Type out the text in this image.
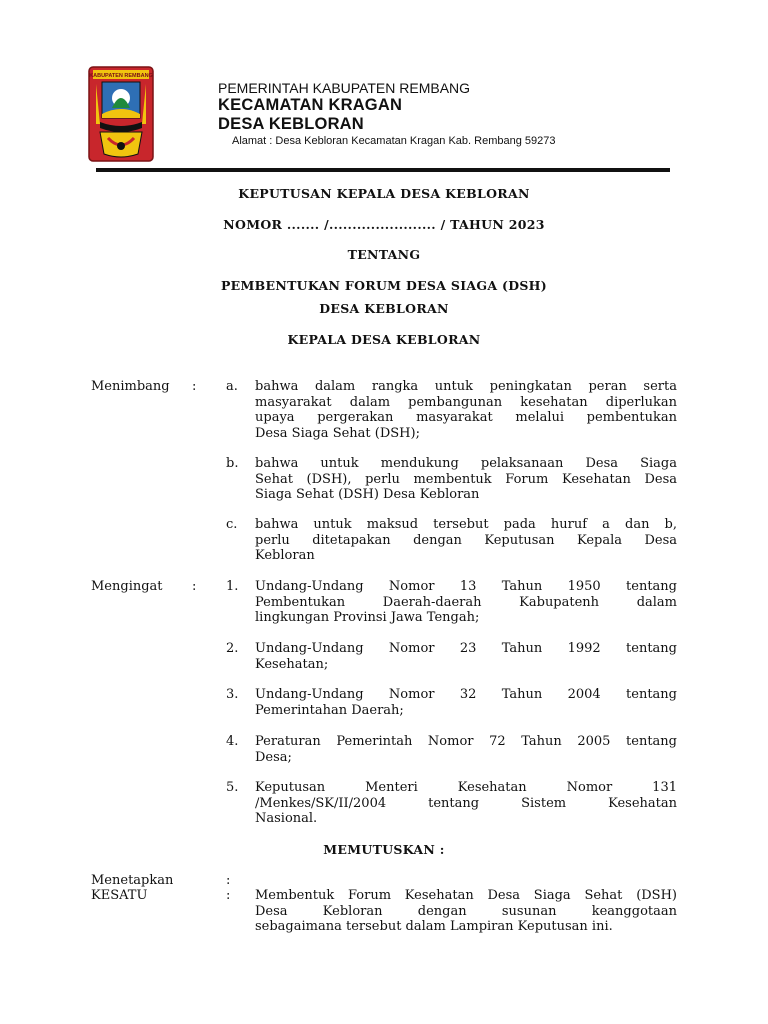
KABUPATEN REMBANG
PEMERINTAH KABUPATEN REMBANG
KECAMATAN KRAGAN
DESA KEBLORAN
Alamat : Desa Kebloran Kecamatan Kragan Kab. Rembang 59273
KEPUTUSAN KEPALA DESA KEBLORAN
NOMOR ....... /....................... / TAHUN 2023
TENTANG
PEMBENTUKAN FORUM DESA SIAGA (DSH)
DESA KEBLORAN
KEPALA DESA KEBLORAN
Menimbang : a. bahwa dalam rangka untuk peningkatan peran serta
masyarakat dalam pembangunan kesehatan diperlukan
upaya pergerakan masyarakat melalui pembentukan
Desa Siaga Sehat (DSH);
b. bahwa untuk mendukung pelaksanaan Desa Siaga
Sehat (DSH), perlu membentuk Forum Kesehatan Desa
Siaga Sehat (DSH) Desa Kebloran
c. bahwa untuk maksud tersebut pada huruf a dan b,
perlu ditetapakan dengan Keputusan Kepala Desa
Kebloran
Mengingat : 1. Undang-Undang Nomor 13 Tahun 1950 tentang
Pembentukan Daerah-daerah Kabupatenh dalam
lingkungan Provinsi Jawa Tengah;
2. Undang-Undang Nomor 23 Tahun 1992 tentang
Kesehatan;
3. Undang-Undang Nomor 32 Tahun 2004 tentang
Pemerintahan Daerah;
4. Peraturan Pemerintah Nomor 72 Tahun 2005 tentang
Desa;
5. Keputusan Menteri Kesehatan Nomor 131
/Menkes/SK/II/2004 tentang Sistem Kesehatan
Nasional.
MEMUTUSKAN :
Menetapkan	:
KESATU	: Membentuk Forum Kesehatan Desa Siaga Sehat (DSH)
Desa Kebloran dengan susunan keanggotaan
sebagaimana tersebut dalam Lampiran Keputusan ini.
